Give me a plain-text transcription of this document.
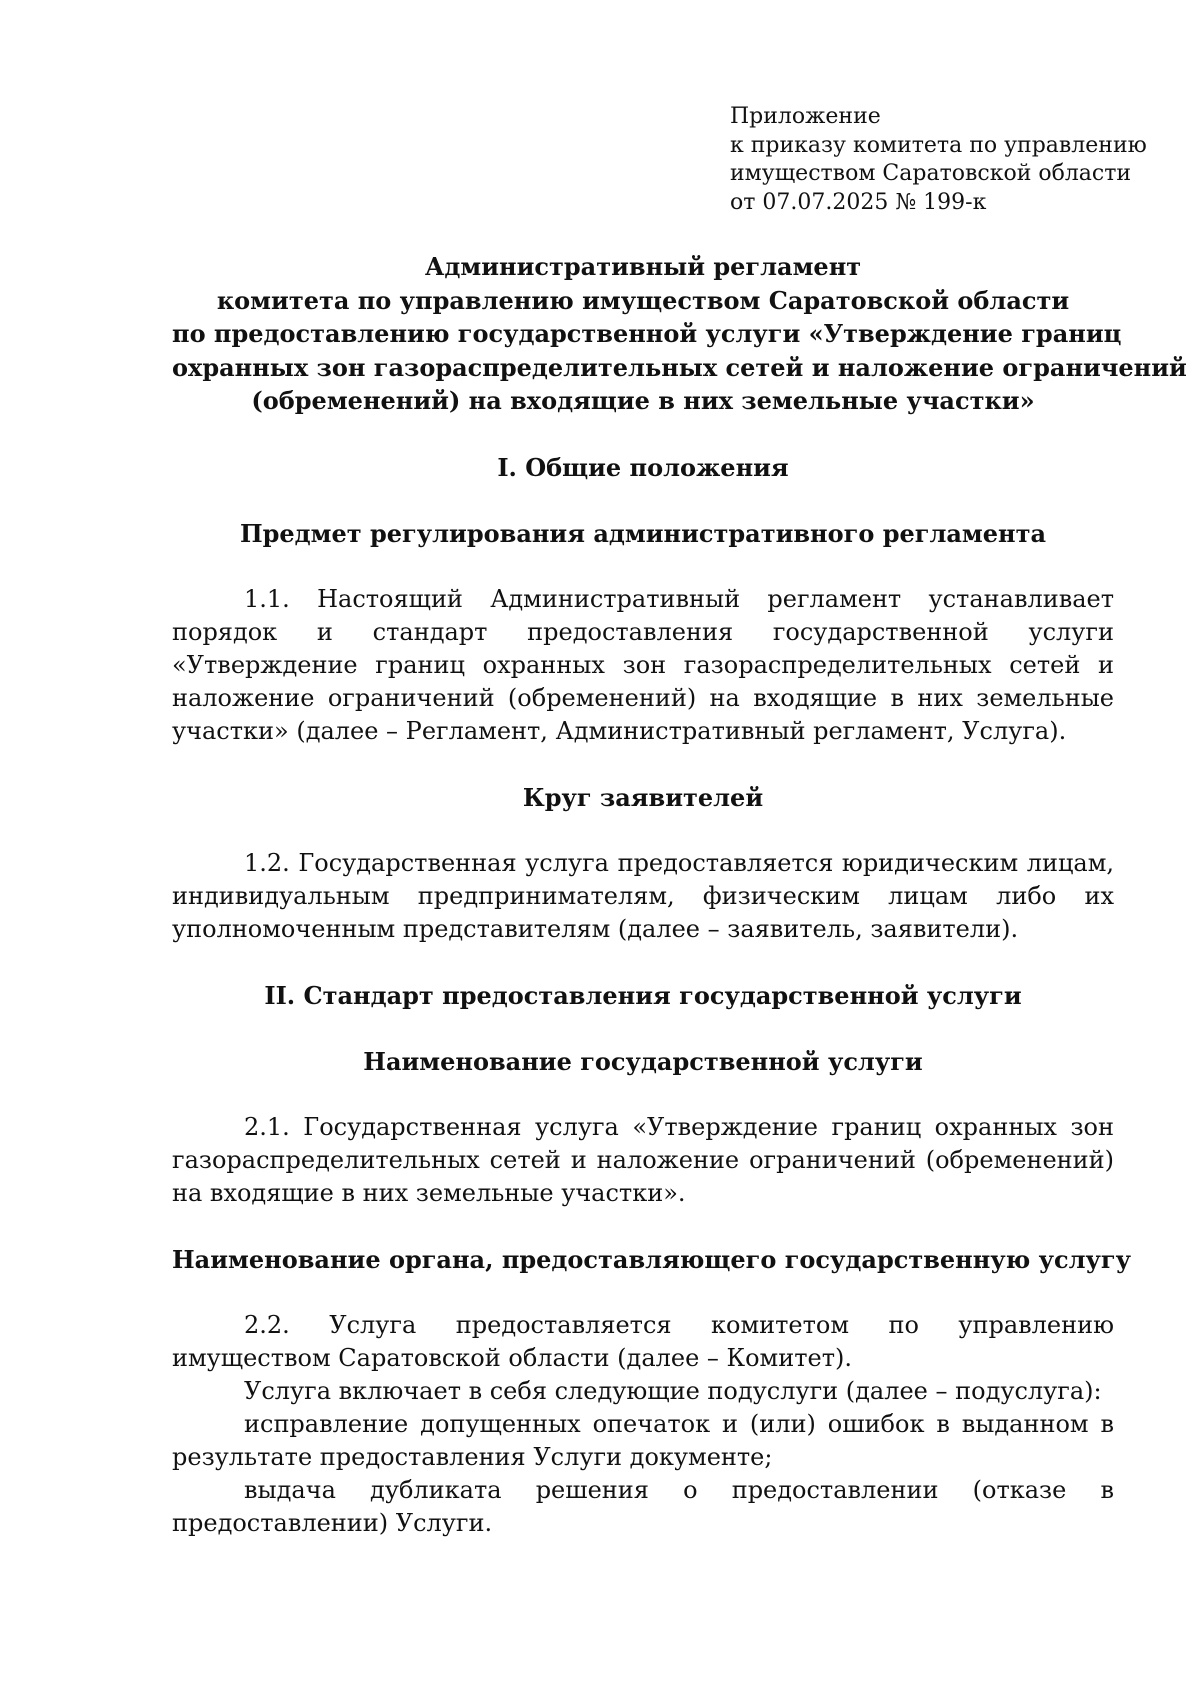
Приложение
к приказу комитета по управлению
имуществом Саратовской области
от 07.07.2025 № 199-к
Административный регламент
комитета по управлению имуществом Саратовской области
по предоставлению государственной услуги «Утверждение границ
охранных зон газораспределительных сетей и наложение ограничений
(обременений) на входящие в них земельные участки»
I. Общие положения
Предмет регулирования административного регламента

1.1. Настоящий Административный регламент устанавливает порядок и стандарт предоставления государственной услуги «Утверждение границ охранных зон газораспределительных сетей и наложение ограничений (обременений) на входящие в них земельные участки» (далее – Регламент, Административный регламент, Услуга).

Круг заявителей

1.2. Государственная услуга предоставляется юридическим лицам, индивидуальным предпринимателям, физическим лицам либо их уполномоченным представителям (далее – заявитель, заявители).

II. Стандарт предоставления государственной услуги
Наименование государственной услуги

2.1. Государственная услуга «Утверждение границ охранных зон газораспределительных сетей и наложение ограничений (обременений) на входящие в них земельные участки».

Наименование органа, предоставляющего государственную услугу

2.2. Услуга предоставляется комитетом по управлению имуществом Саратовской области (далее – Комитет).

Услуга включает в себя следующие подуслуги (далее – подуслуга):

исправление допущенных опечаток и (или) ошибок в выданном в результате предоставления Услуги документе;

выдача дубликата решения о предоставлении (отказе в предоставлении) Услуги.
